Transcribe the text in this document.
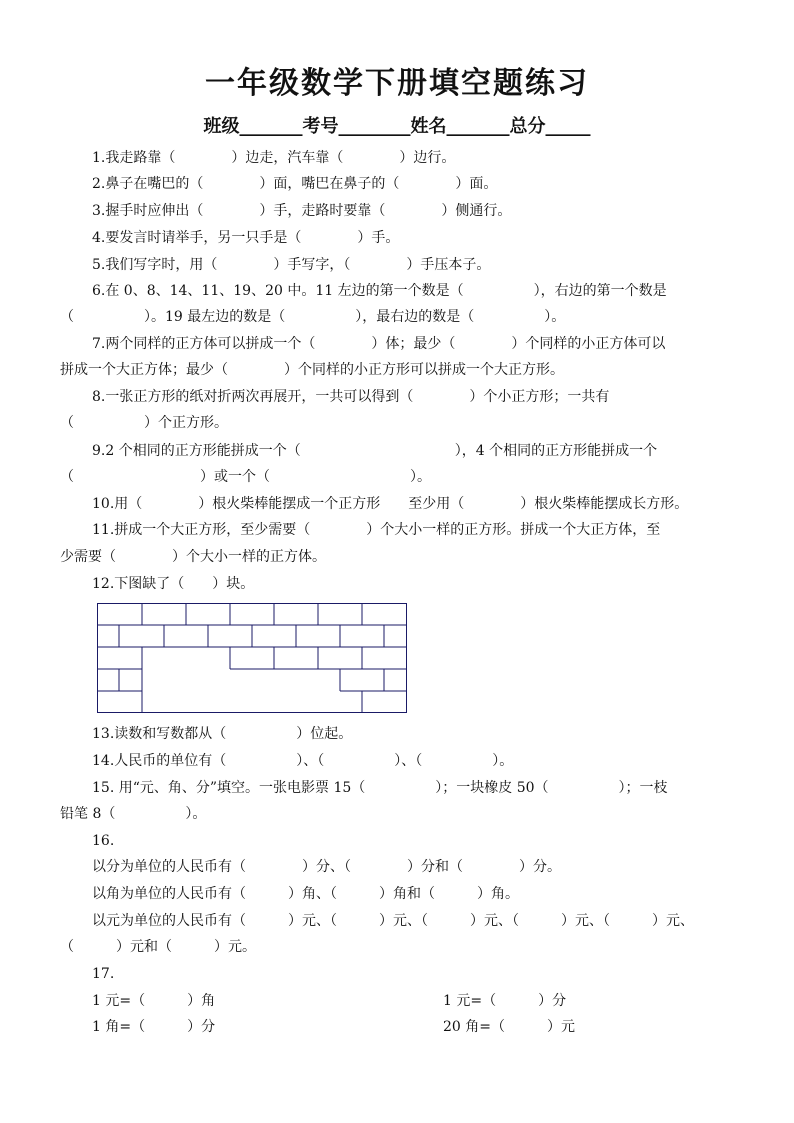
一年级数学下册填空题练习
班级_______考号________姓名_______总分_____
1.我走路靠（　　　　）边走，汽车靠（　　　　）边行。
2.鼻子在嘴巴的（　　　　）面，嘴巴在鼻子的（　　　　）面。
3.握手时应伸出（　　　　）手，走路时要靠（　　　　）侧通行。
4.要发言时请举手，另一只手是（　　　　）手。
5.我们写字时，用（　　　　）手写字，（　　　　）手压本子。
6.在 0、8、14、11、19、20 中。11 左边的第一个数是（　　　　　），右边的第一个数是
（　　　　　）。19 最左边的数是（　　　　　），最右边的数是（　　　　　）。
7.两个同样的正方体可以拼成一个（　　　　）体；最少（　　　　）个同样的小正方体可以
拼成一个大正方体；最少（　　　　）个同样的小正方形可以拼成一个大正方形。
8.一张正方形的纸对折两次再展开，一共可以得到（　　　　）个小正方形；一共有
（　　　　　）个正方形。
9.2 个相同的正方形能拼成一个（　　　　　　　　　　　），4 个相同的正方形能拼成一个
（　　　　　　　　　）或一个（　　　　　　　　　　）。
10.用（　　　　）根火柴棒能摆成一个正方形　　至少用（　　　　）根火柴棒能摆成长方形。
11.拼成一个大正方形，至少需要（　　　　）个大小一样的正方形。拼成一个大正方体，至
少需要（　　　　）个大小一样的正方体。
12.下图缺了（　　）块。
13.读数和写数都从（　　　　　）位起。
14.人民币的单位有（　　　　　）、（　　　　　）、（　　　　　）。
15. 用“元、角、分”填空。一张电影票 15（　　　　　）；一块橡皮 50（　　　　　）；一枝
铅笔 8（　　　　　）。
16.
以分为单位的人民币有（　　　　）分、（　　　　）分和（　　　　）分。
以角为单位的人民币有（　　　）角、（　　　）角和（　　　）角。
以元为单位的人民币有（　　　）元、（　　　）元、（　　　）元、（　　　）元、（　　　）元、
（　　　）元和（　　　）元。
17.
1 元=（　　　）角	1 元=（　　　）分
1 角=（　　　）分	20 角=（　　　）元
